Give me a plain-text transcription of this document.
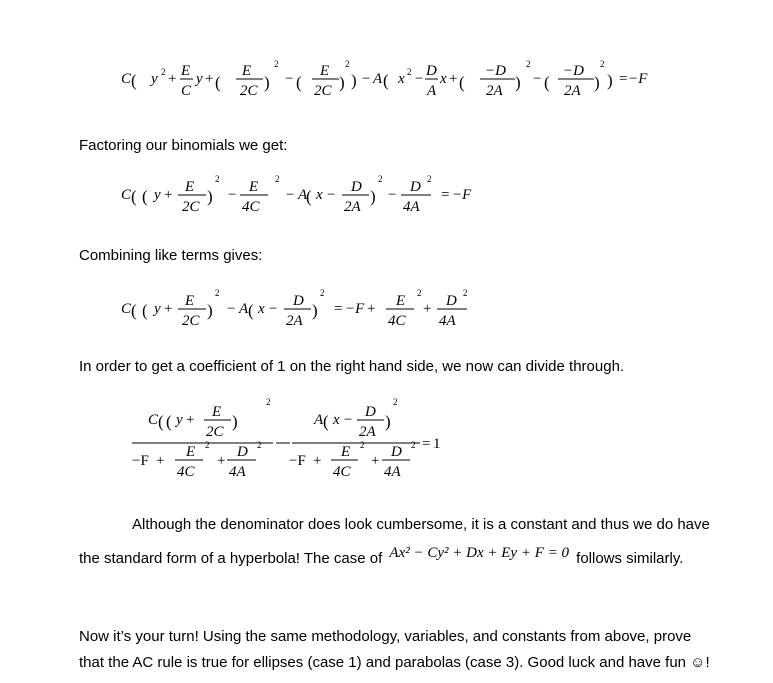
C ( y 2 + E
C
y + (
E
2C )
2
− (
E
2C )
2
) − A ( x 2 − D
A
x + (
−D
2A )
2
− (
−D
2A )
2
) =−F
Factoring our binomials we get:
C ( ( y + E
2C
)
2
− E 2
4C
− A
( x − D
2A
)
2
− D 2
4A
= −F
Combining like terms gives:
C ( ( y + E
2C
)
2
− A ( x − D
2A
)
2
= −F + E 2
4C
+ D 2
4A
In order to get a coefficient of 1 on the right hand side, we now can divide through.
C ( ( y + E
2C
)
2
−F +
E 2
4C
+
D 2
4A
A ( x − D
2A
)
2
−F +
E 2
4C
+
D 2
4A
= 1
Although the denominator does look cumbersome, it is a constant and thus we do have
the standard form of a hyperbola! The case of Ax² − Cy² + Dx + Ey + F = 0 follows similarly.
Now it’s your turn! Using the same methodology, variables, and constants from above, prove
that the AC rule is true for ellipses (case 1) and parabolas (case 3). Good luck and have fun ☺!
